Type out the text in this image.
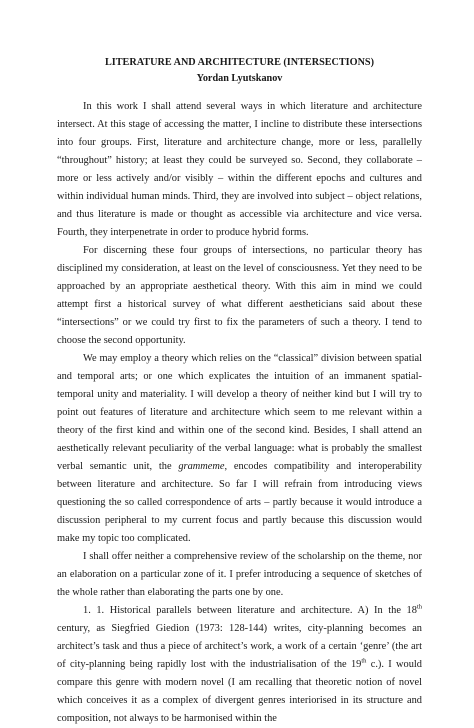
LITERATURE AND ARCHITECTURE (INTERSECTIONS)
Yordan Lyutskanov

In this work I shall attend several ways in which literature and architecture intersect. At this stage of accessing the matter, I incline to distribute these intersections into four groups. First, literature and architecture change, more or less, parallelly “throughout” history; at least they could be surveyed so. Second, they collaborate – more or less actively and/or visibly – within the different epochs and cultures and within individual human minds. Third, they are involved into subject – object relations, and thus literature is made or thought as accessible via architecture and vice versa. Fourth, they interpenetrate in order to produce hybrid forms.

For discerning these four groups of intersections, no particular theory has disciplined my consideration, at least on the level of consciousness. Yet they need to be approached by an appropriate aesthetical theory. With this aim in mind we could attempt first a historical survey of what different aestheticians said about these “intersections” or we could try first to fix the parameters of such a theory. I tend to choose the second opportunity.

We may employ a theory which relies on the “classical” division between spatial and temporal arts; or one which explicates the intuition of an immanent spatial-temporal unity and materiality. I will develop a theory of neither kind but I will try to point out features of literature and architecture which seem to me relevant within a theory of the first kind and within one of the second kind. Besides, I shall attend an aesthetically relevant peculiarity of the verbal language: what is probably the smallest verbal semantic unit, the grammeme, encodes compatibility and interoperability between literature and architecture. So far I will refrain from introducing views questioning the so called correspondence of arts – partly because it would introduce a discussion peripheral to my current focus and partly because this discussion would make my topic too complicated.

I shall offer neither a comprehensive review of the scholarship on the theme, nor an elaboration on a particular zone of it. I prefer introducing a sequence of sketches of the whole rather than elaborating the parts one by one.

1. 1. Historical parallels between literature and architecture. A) In the 18th century, as Siegfried Giedion (1973: 128-144) writes, city-planning becomes an architect’s task and thus a piece of architect’s work, a work of a certain ‘genre’ (the art of city-planning being rapidly lost with the industrialisation of the 19th c.). I would compare this genre with modern novel (I am recalling that theoretic notion of novel which conceives it as a complex of divergent genres interiorised in its structure and composition, not always to be harmonised within the
